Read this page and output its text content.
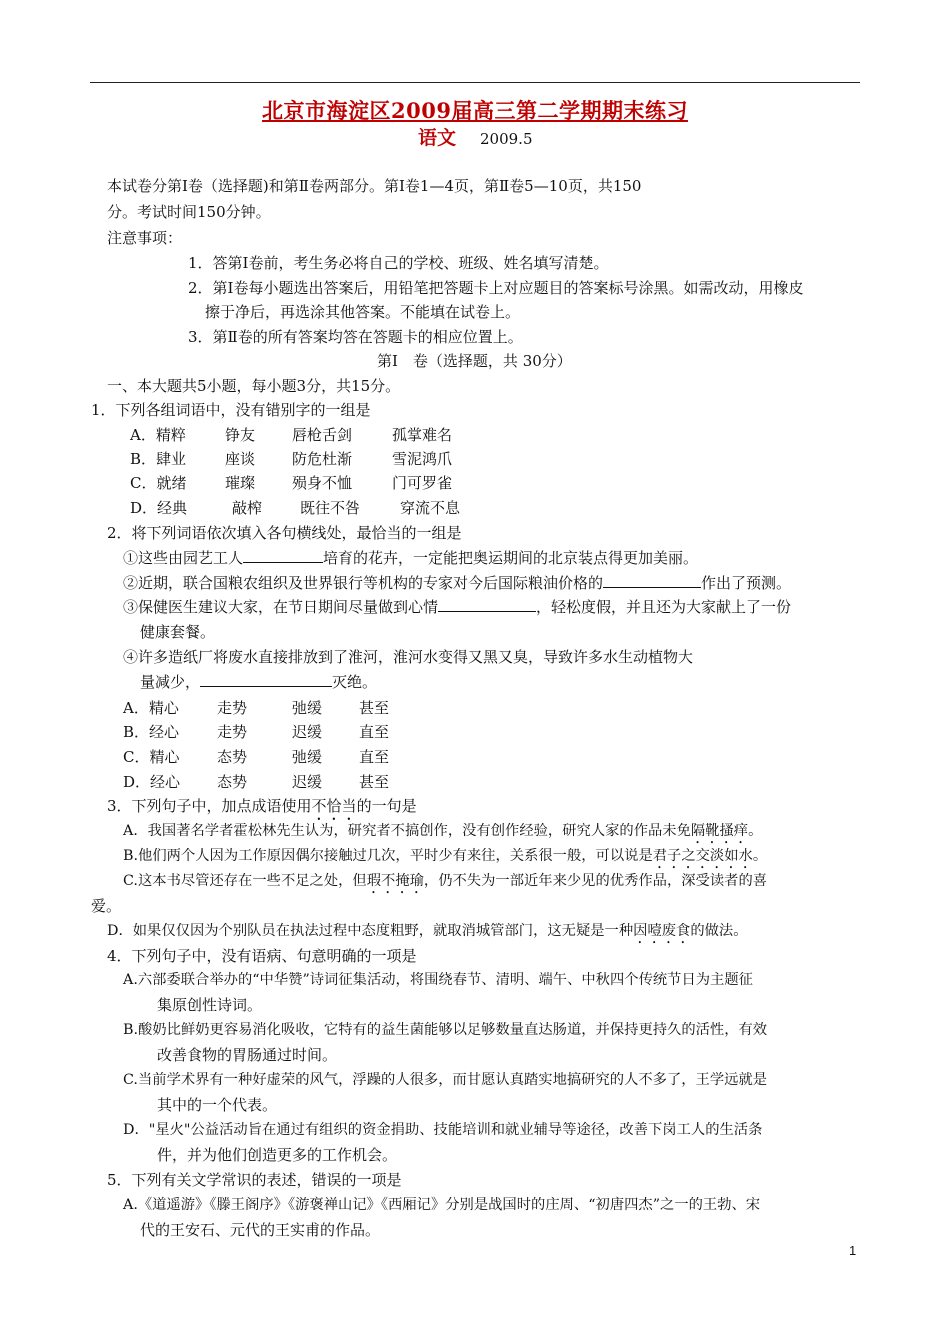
北京市海淀区2009届高三第二学期期末练习
语文 2009.5
本试卷分第Ⅰ卷（选择题)和第Ⅱ卷两部分。第Ⅰ卷1—4页，第Ⅱ卷5—10页，共150
分。考试时间150分钟。
注意事项：
1．答第Ⅰ卷前，考生务必将自己的学校、班级、姓名填写清楚。
2．第Ⅰ卷每小题选出答案后，用铅笔把答题卡上对应题目的答案标号涂黑。如需改动，用橡皮
擦于净后，再选涂其他答案。不能填在试卷上。
3．第Ⅱ卷的所有答案均答在答题卡的相应位置上。
第Ⅰ　卷（选择题，共 30分）
一、本大题共5小题，每小题3分，共15分。
1．下列各组词语中，没有错别字的一组是
A．精粹	铮友 唇枪舌剑	孤掌难名
B．肆业	座谈 防危杜渐	雪泥鸿爪
C．就绪	璀璨 殒身不恤	门可罗雀
D．经典	敲榨	既往不咎	穿流不息
2．将下列词语依次填入各句横线处，最恰当的一组是
①这些由园艺工人	培育的花卉，一定能把奥运期间的北京装点得更加美丽。
②近期，联合国粮农组织及世界银行等机构的专家对今后国际粮油价格的	作出了预测。
③保健医生建议大家，在节日期间尽量做到心情	，轻松度假，并且还为大家献上了一份
健康套餐。
④许多造纸厂将废水直接排放到了淮河，淮河水变得又黑又臭，导致许多水生动植物大
量减少，	灭绝。
A．精心	走势	弛缓 甚至
B．经心	走势	迟缓 直至
C．精心	态势	弛缓 直至
D．经心 态势	迟缓 甚至
3．下列句子中，加点成语使用不恰当的一句是
A．我国著名学者霍松林先生认为，研究者不搞创作，没有创作经验，研究人家的作品未免隔靴搔痒。
B.他们两个人因为工作原因偶尔接触过几次，平时少有来往，关系很一般，可以说是君子之交淡如水。
C.这本书尽管还存在一些不足之处，但瑕不掩瑜，仍不失为一部近年来少见的优秀作品，深受读者的喜
爱。
D．如果仅仅因为个别队员在执法过程中态度粗野，就取消城管部门，这无疑是一种因噎废食的做法。
4．下列句子中，没有语病、句意明确的一项是
A.六部委联合举办的“中华赞”诗词征集活动，将围绕春节、清明、端午、中秋四个传统节日为主题征
集原创性诗词。
B.酸奶比鲜奶更容易消化吸收，它特有的益生菌能够以足够数量直达肠道，并保持更持久的活性，有效
改善食物的胃肠通过时间。
C.当前学术界有一种好虚荣的风气，浮躁的人很多，而甘愿认真踏实地搞研究的人不多了，王学远就是
其中的一个代表。
D．"星火"公益活动旨在通过有组织的资金捐助、技能培训和就业辅导等途径，改善下岗工人的生活条
件，并为他们创造更多的工作机会。
5．下列有关文学常识的表述，错误的一项是
A.《道遥游》《滕王阁序》《游褒禅山记》《西厢记》分别是战国时的庄周、“初唐四杰”之一的王勃、宋
代的王安石、元代的王实甫的作品。
1
